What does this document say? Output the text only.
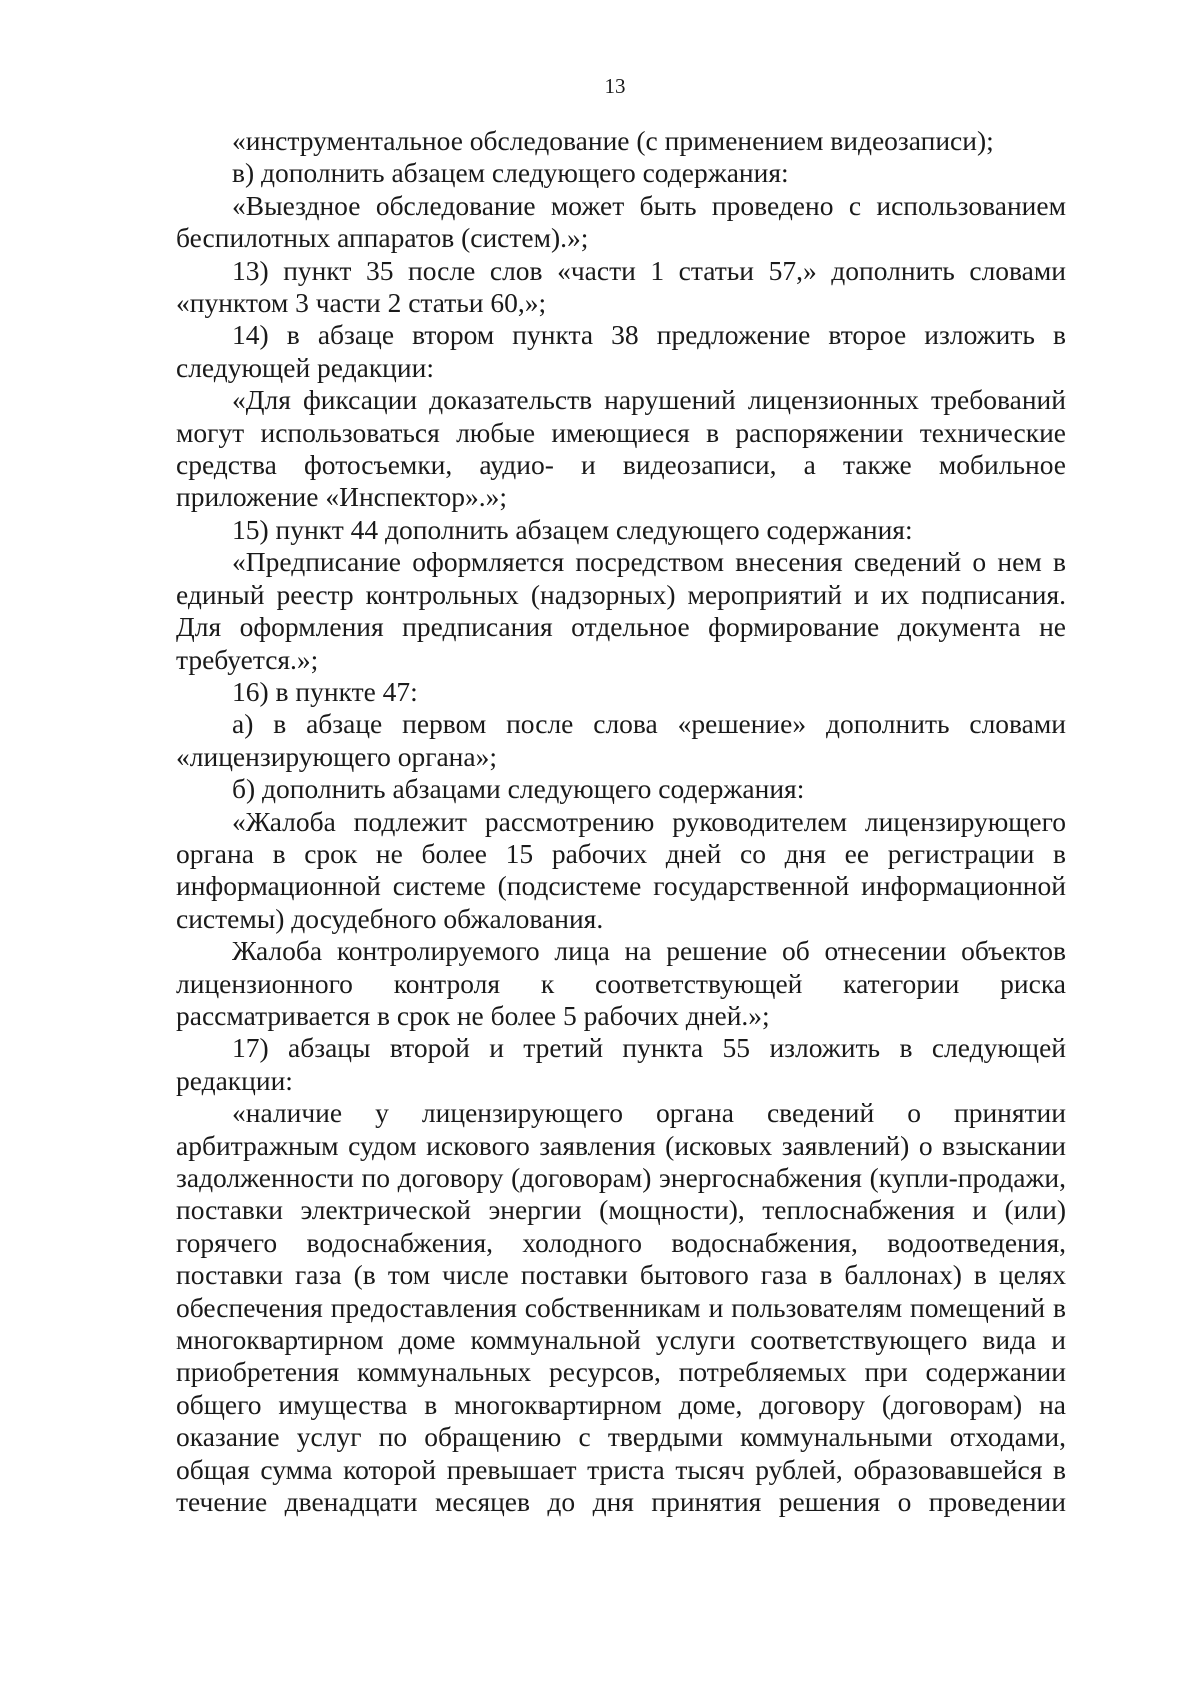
13

«инструментальное обследование (с применением видеозаписи);

в) дополнить абзацем следующего содержания:

«Выездное обследование может быть проведено с использованием беспилотных аппаратов (систем).»;

13) пункт 35 после слов «части 1 статьи 57,» дополнить словами «пунктом 3 части 2 статьи 60,»;

14) в абзаце втором пункта 38 предложение второе изложить в следующей редакции:

«Для фиксации доказательств нарушений лицензионных требований могут использоваться любые имеющиеся в распоряжении технические средства фотосъемки, аудио- и видеозаписи, а также мобильное приложение «Инспектор».»;

15) пункт 44 дополнить абзацем следующего содержания:

«Предписание оформляется посредством внесения сведений о нем в единый реестр контрольных (надзорных) мероприятий и их подписания. Для оформления предписания отдельное формирование документа не требуется.»;

16) в пункте 47:

а) в абзаце первом после слова «решение» дополнить словами «лицензирующего органа»;

б) дополнить абзацами следующего содержания:

«Жалоба подлежит рассмотрению руководителем лицензирующего органа в срок не более 15 рабочих дней со дня ее регистрации в информационной системе (подсистеме государственной информационной системы) досудебного обжалования.

Жалоба контролируемого лица на решение об отнесении объектов лицензионного контроля к соответствующей категории риска рассматривается в срок не более 5 рабочих дней.»;

17) абзацы второй и третий пункта 55 изложить в следующей редакции:

«наличие у лицензирующего органа сведений о принятии арбитражным судом искового заявления (исковых заявлений) о взыскании задолженности по договору (договорам) энергоснабжения (купли-продажи, поставки электрической энергии (мощности), теплоснабжения и (или) горячего водоснабжения, холодного водоснабжения, водоотведения, поставки газа (в том числе поставки бытового газа в баллонах) в целях обеспечения предоставления собственникам и пользователям помещений в многоквартирном доме коммунальной услуги соответствующего вида и приобретения коммунальных ресурсов, потребляемых при содержании общего имущества в многоквартирном доме, договору (договорам) на оказание услуг по обращению с твердыми коммунальными отходами, общая сумма которой превышает триста тысяч рублей, образовавшейся в течение двенадцати месяцев до дня принятия решения о проведении
